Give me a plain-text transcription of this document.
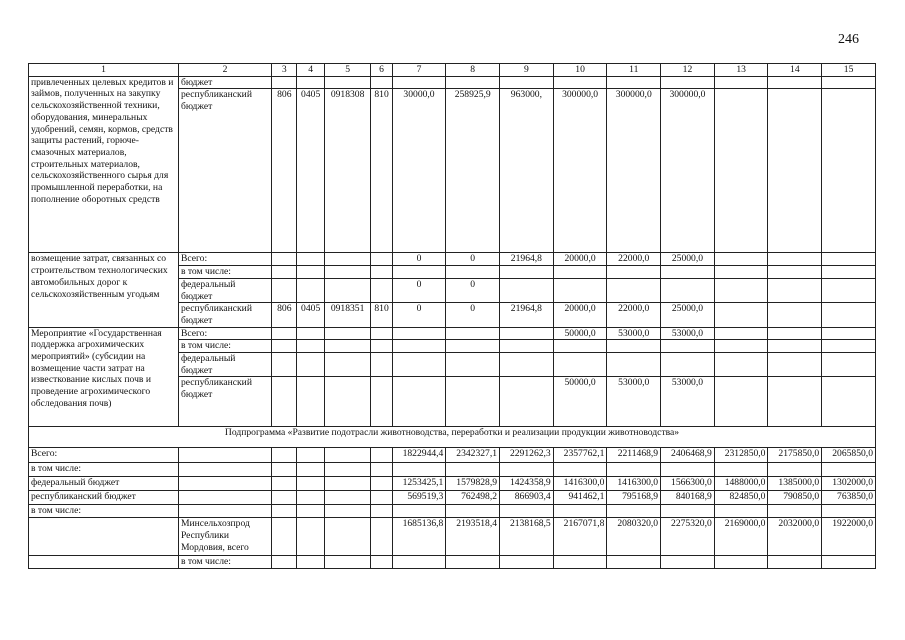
246
1	2	3	4	5	6	7	8	9	10	11	12	13	14	15
привлеченных целевых кредитов и займов, полученных на закупку сельскохозяйственной техники, оборудования, минеральных удобрений, семян, кормов, средств защиты растений, горюче-смазочных материалов, строительных материалов, сельскохозяйственного сырья для промышленной переработки, на пополнение оборотных средств	бюджет													
	республиканский бюджет	806	0405	0918308	810	30000,0	258925,9	963000,	300000,0	300000,0	300000,0			
возмещение затрат, связанных со строительством технологических автомобильных дорог к сельскохозяйственным угодьям	Всего:					0	0	21964,8	20000,0	22000,0	25000,0			
	в том числе:													
	федеральный бюджет					0	0							
	республиканский бюджет	806	0405	0918351	810	0	0	21964,8	20000,0	22000,0	25000,0			
Мероприятие «Государственная поддержка агрохимических мероприятий» (субсидии на возмещение части затрат на известкование кислых почв и проведение агрохимического обследования почв)	Всего:								50000,0	53000,0	53000,0			
	в том числе:													
	федеральный бюджет													
	республиканский бюджет								50000,0	53000,0	53000,0			
Подпрограмма «Развитие подотрасли животноводства, переработки и реализации продукции животноводства»														
Всего:						1822944,4	2342327,1	2291262,3	2357762,1	2211468,9	2406468,9	2312850,0	2175850,0	2065850,0
в том числе:														
федеральный бюджет						1253425,1	1579828,9	1424358,9	1416300,0	1416300,0	1566300,0	1488000,0	1385000,0	1302000,0
республиканский бюджет						569519,3	762498,2	866903,4	941462,1	795168,9	840168,9	824850,0	790850,0	763850,0
в том числе:														
	Минсельхозпрод Республики Мордовия, всего					1685136,8	2193518,4	2138168,5	2167071,8	2080320,0	2275320,0	2169000,0	2032000,0	1922000,0
	в том числе:													
